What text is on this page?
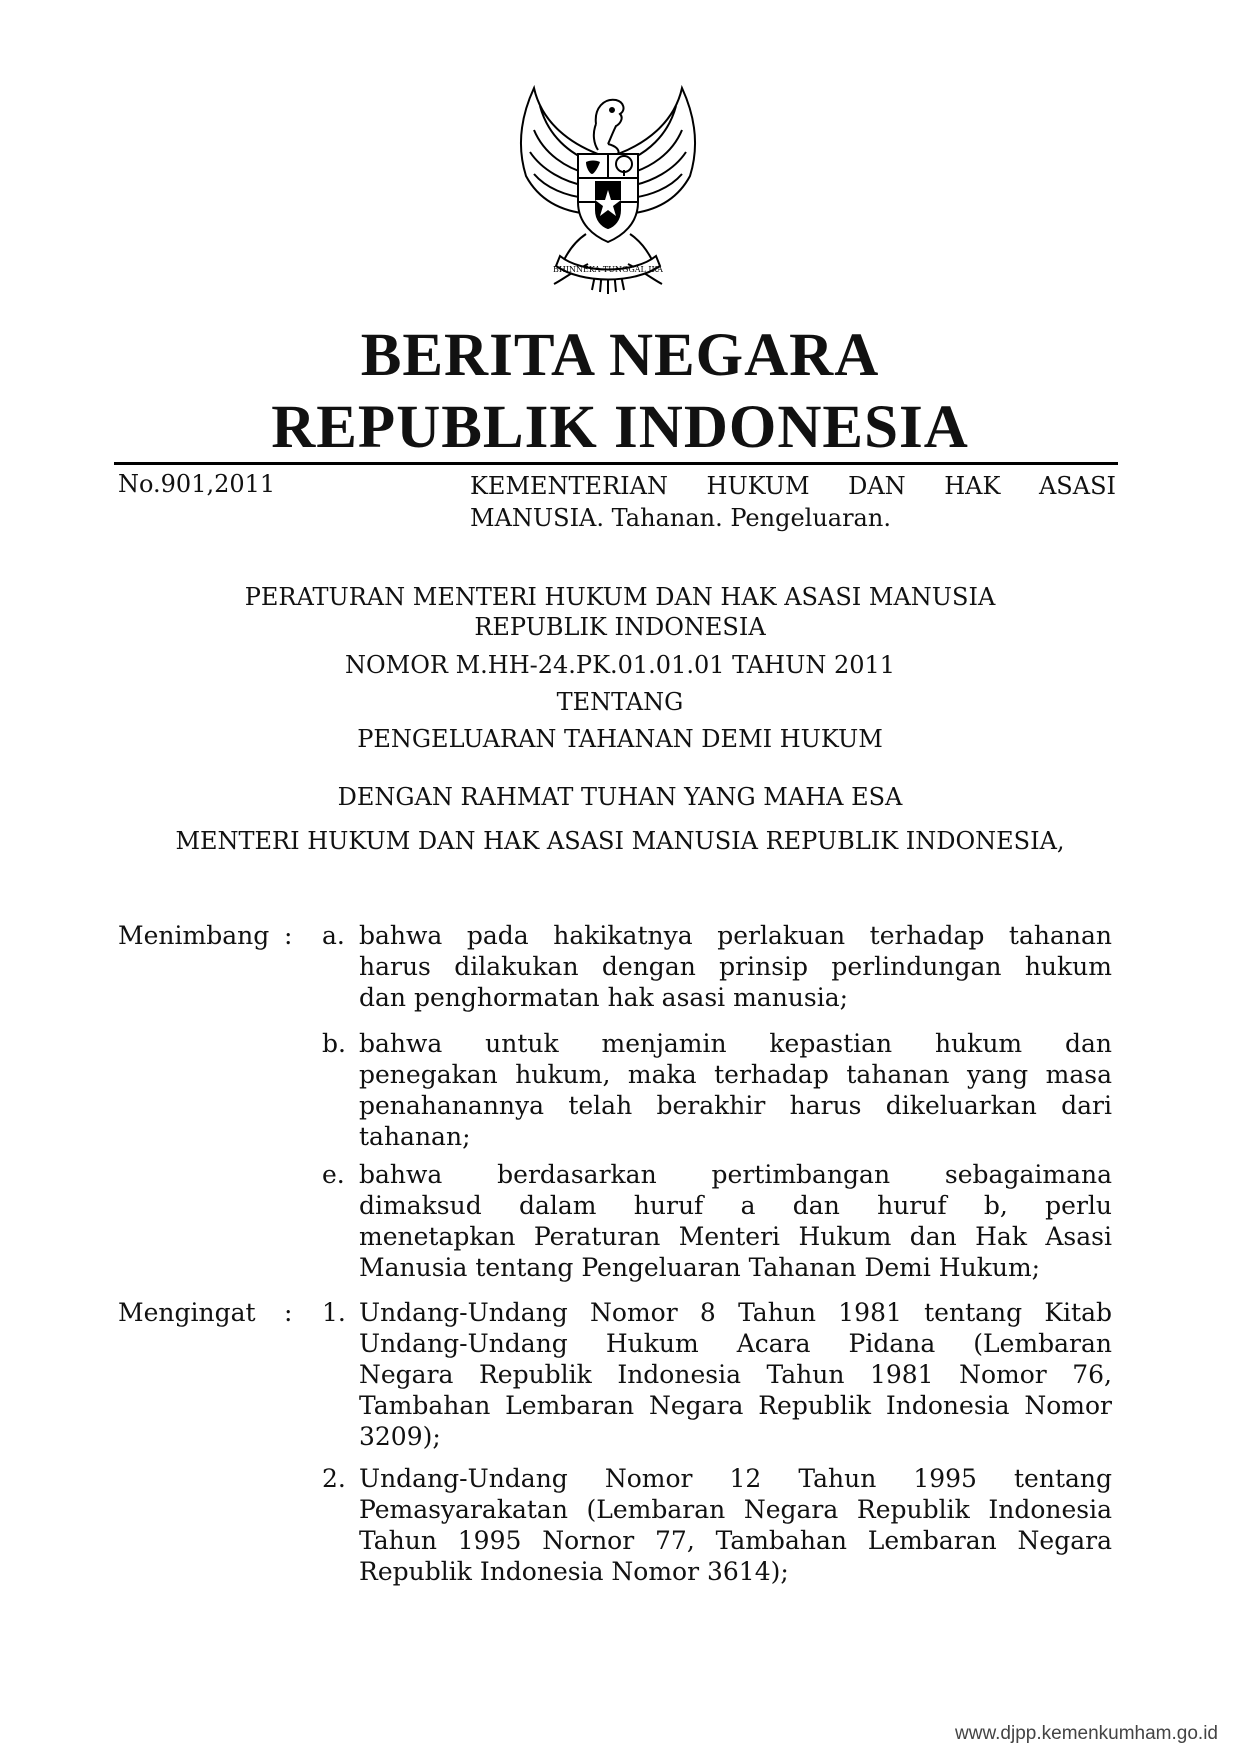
BHINNEKA TUNGGAL IKA
BERITA NEGARA
REPUBLIK INDONESIA
No.901,2011	KEMENTERIAN HUKUM DAN HAK ASASI
MANUSIA. Tahanan. Pengeluaran.
PERATURAN MENTERI HUKUM DAN HAK ASASI MANUSIA
REPUBLIK INDONESIA
NOMOR M.HH-24.PK.01.01.01 TAHUN 2011
TENTANG
PENGELUARAN TAHANAN DEMI HUKUM
DENGAN RAHMAT TUHAN YANG MAHA ESA
MENTERI HUKUM DAN HAK ASASI MANUSIA REPUBLIK INDONESIA,
Menimbang : a. bahwa pada hakikatnya perlakuan terhadap tahanan
harus dilakukan dengan prinsip perlindungan hukum
dan penghormatan hak asasi manusia;
b. bahwa untuk menjamin kepastian hukum dan
penegakan hukum, maka terhadap tahanan yang masa
penahanannya telah berakhir harus dikeluarkan dari
tahanan;
e. bahwa berdasarkan pertimbangan sebagaimana
dimaksud dalam huruf a dan huruf b, perlu
menetapkan Peraturan Menteri Hukum dan Hak Asasi
Manusia tentang Pengeluaran Tahanan Demi Hukum;
Mengingat : 1. Undang-Undang Nomor 8 Tahun 1981 tentang Kitab
Undang-Undang Hukum Acara Pidana (Lembaran
Negara Republik Indonesia Tahun 1981 Nomor 76,
Tambahan Lembaran Negara Republik Indonesia Nomor
3209);
2. Undang-Undang Nomor 12 Tahun 1995 tentang
Pemasyarakatan (Lembaran Negara Republik Indonesia
Tahun 1995 Nornor 77, Tambahan Lembaran Negara
Republik Indonesia Nomor 3614);
www.djpp.kemenkumham.go.id
